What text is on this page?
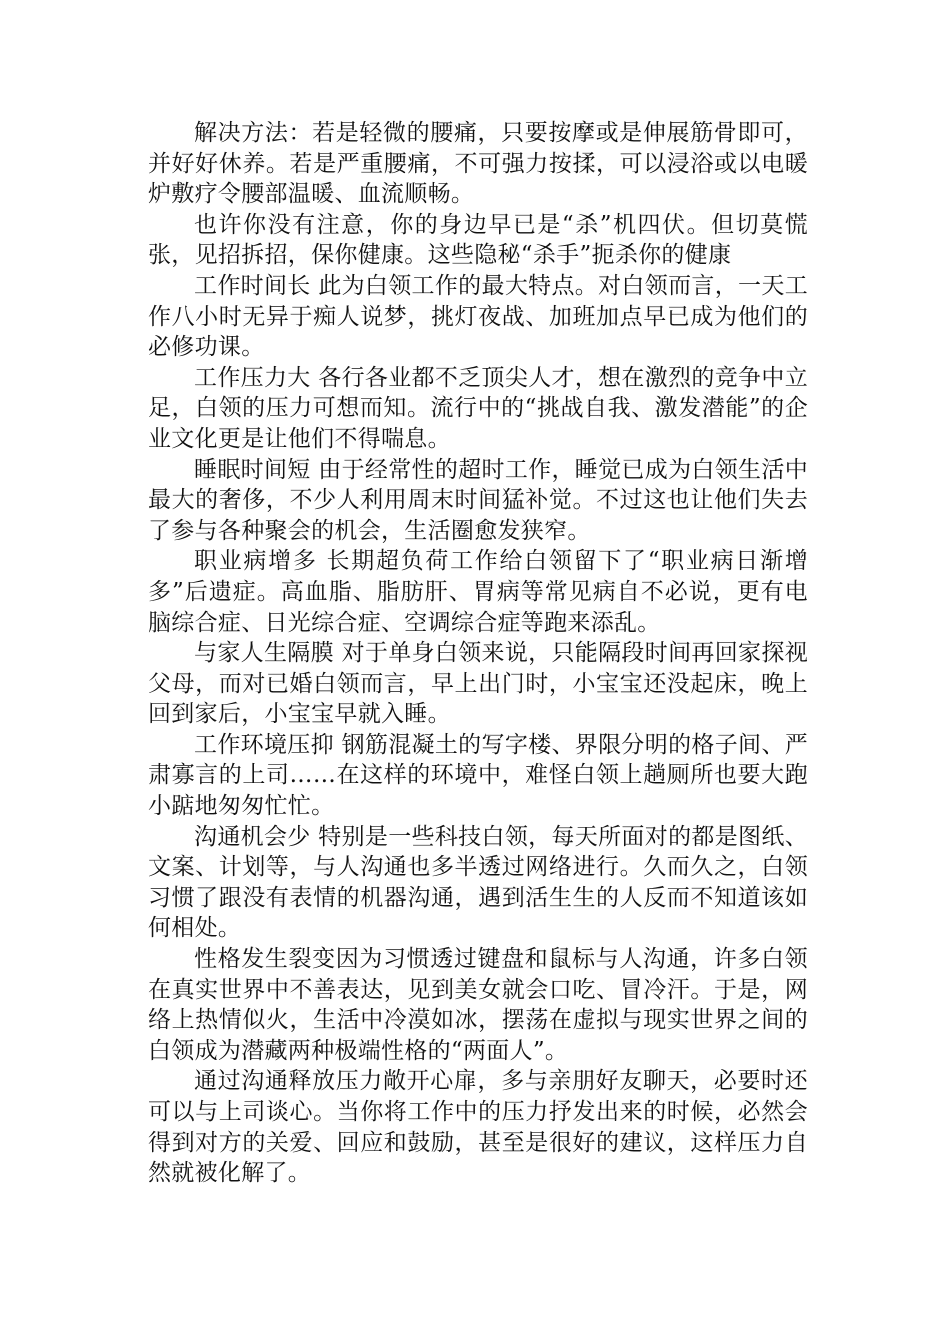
解决方法：若是轻微的腰痛，只要按摩或是伸展筋骨即可，并好好休养。若是严重腰痛，不可强力按揉，可以浸浴或以电暖炉敷疗令腰部温暖、血流顺畅。

也许你没有注意，你的身边早已是“杀”机四伏。但切莫慌张，见招拆招，保你健康。这些隐秘“杀手”扼杀你的健康

工作时间长 此为白领工作的最大特点。对白领而言，一天工作八小时无异于痴人说梦，挑灯夜战、加班加点早已成为他们的必修功课。

工作压力大 各行各业都不乏顶尖人才，想在激烈的竞争中立足，白领的压力可想而知。流行中的“挑战自我、激发潜能”的企业文化更是让他们不得喘息。

睡眠时间短 由于经常性的超时工作，睡觉已成为白领生活中最大的奢侈，不少人利用周末时间猛补觉。不过这也让他们失去了参与各种聚会的机会，生活圈愈发狭窄。

职业病增多 长期超负荷工作给白领留下了“职业病日渐增多”后遗症。高血脂、脂肪肝、胃病等常见病自不必说，更有电脑综合症、日光综合症、空调综合症等跑来添乱。

与家人生隔膜 对于单身白领来说，只能隔段时间再回家探视父母，而对已婚白领而言，早上出门时，小宝宝还没起床，晚上回到家后，小宝宝早就入睡。

工作环境压抑 钢筋混凝土的写字楼、界限分明的格子间、严肃寡言的上司……在这样的环境中，难怪白领上趟厕所也要大跑小踮地匆匆忙忙。

沟通机会少 特别是一些科技白领，每天所面对的都是图纸、文案、计划等，与人沟通也多半透过网络进行。久而久之，白领习惯了跟没有表情的机器沟通，遇到活生生的人反而不知道该如何相处。

性格发生裂变因为习惯透过键盘和鼠标与人沟通，许多白领在真实世界中不善表达，见到美女就会口吃、冒冷汗。于是，网络上热情似火，生活中冷漠如冰，摆荡在虚拟与现实世界之间的白领成为潜藏两种极端性格的“两面人”。

通过沟通释放压力敞开心扉，多与亲朋好友聊天，必要时还可以与上司谈心。当你将工作中的压力抒发出来的时候，必然会得到对方的关爱、回应和鼓励，甚至是很好的建议，这样压力自然就被化解了。
